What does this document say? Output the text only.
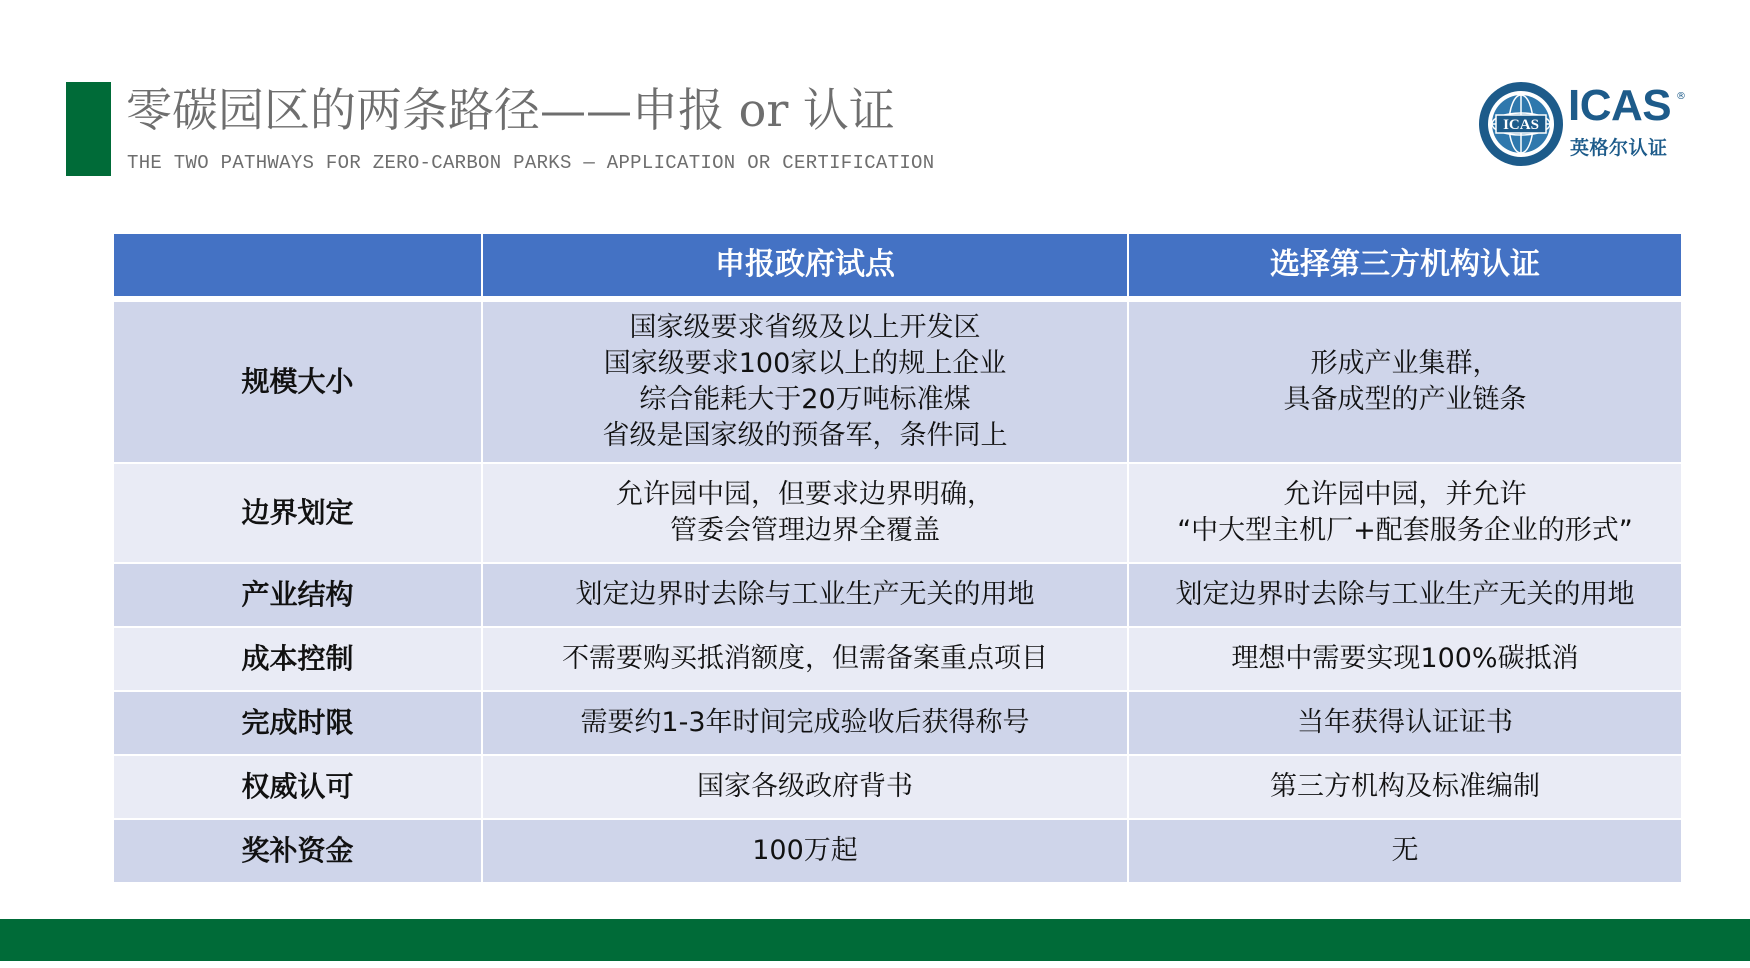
零碳园区的两条路径——申报 or 认证
THE TWO PATHWAYS FOR ZERO-CARBON PARKS — APPLICATION OR CERTIFICATION
ICAS ICAS ®
英格尔认证
	申报政府试点	选择第三方机构认证
规模大小	国家级要求省级及以上开发区
国家级要求100家以上的规上企业
综合能耗大于20万吨标准煤
省级是国家级的预备军，条件同上	形成产业集群，
具备成型的产业链条

边界划定	允许园中园，但要求边界明确，
管委会管理边界全覆盖	允许园中园，并允许
“中大型主机厂+配套服务企业的形式”

产业结构	划定边界时去除与工业生产无关的用地	划定边界时去除与工业生产无关的用地

成本控制	不需要购买抵消额度，但需备案重点项目	理想中需要实现100%碳抵消

完成时限	需要约1-3年时间完成验收后获得称号	当年获得认证证书

权威认可	国家各级政府背书	第三方机构及标准编制

奖补资金	100万起	无
